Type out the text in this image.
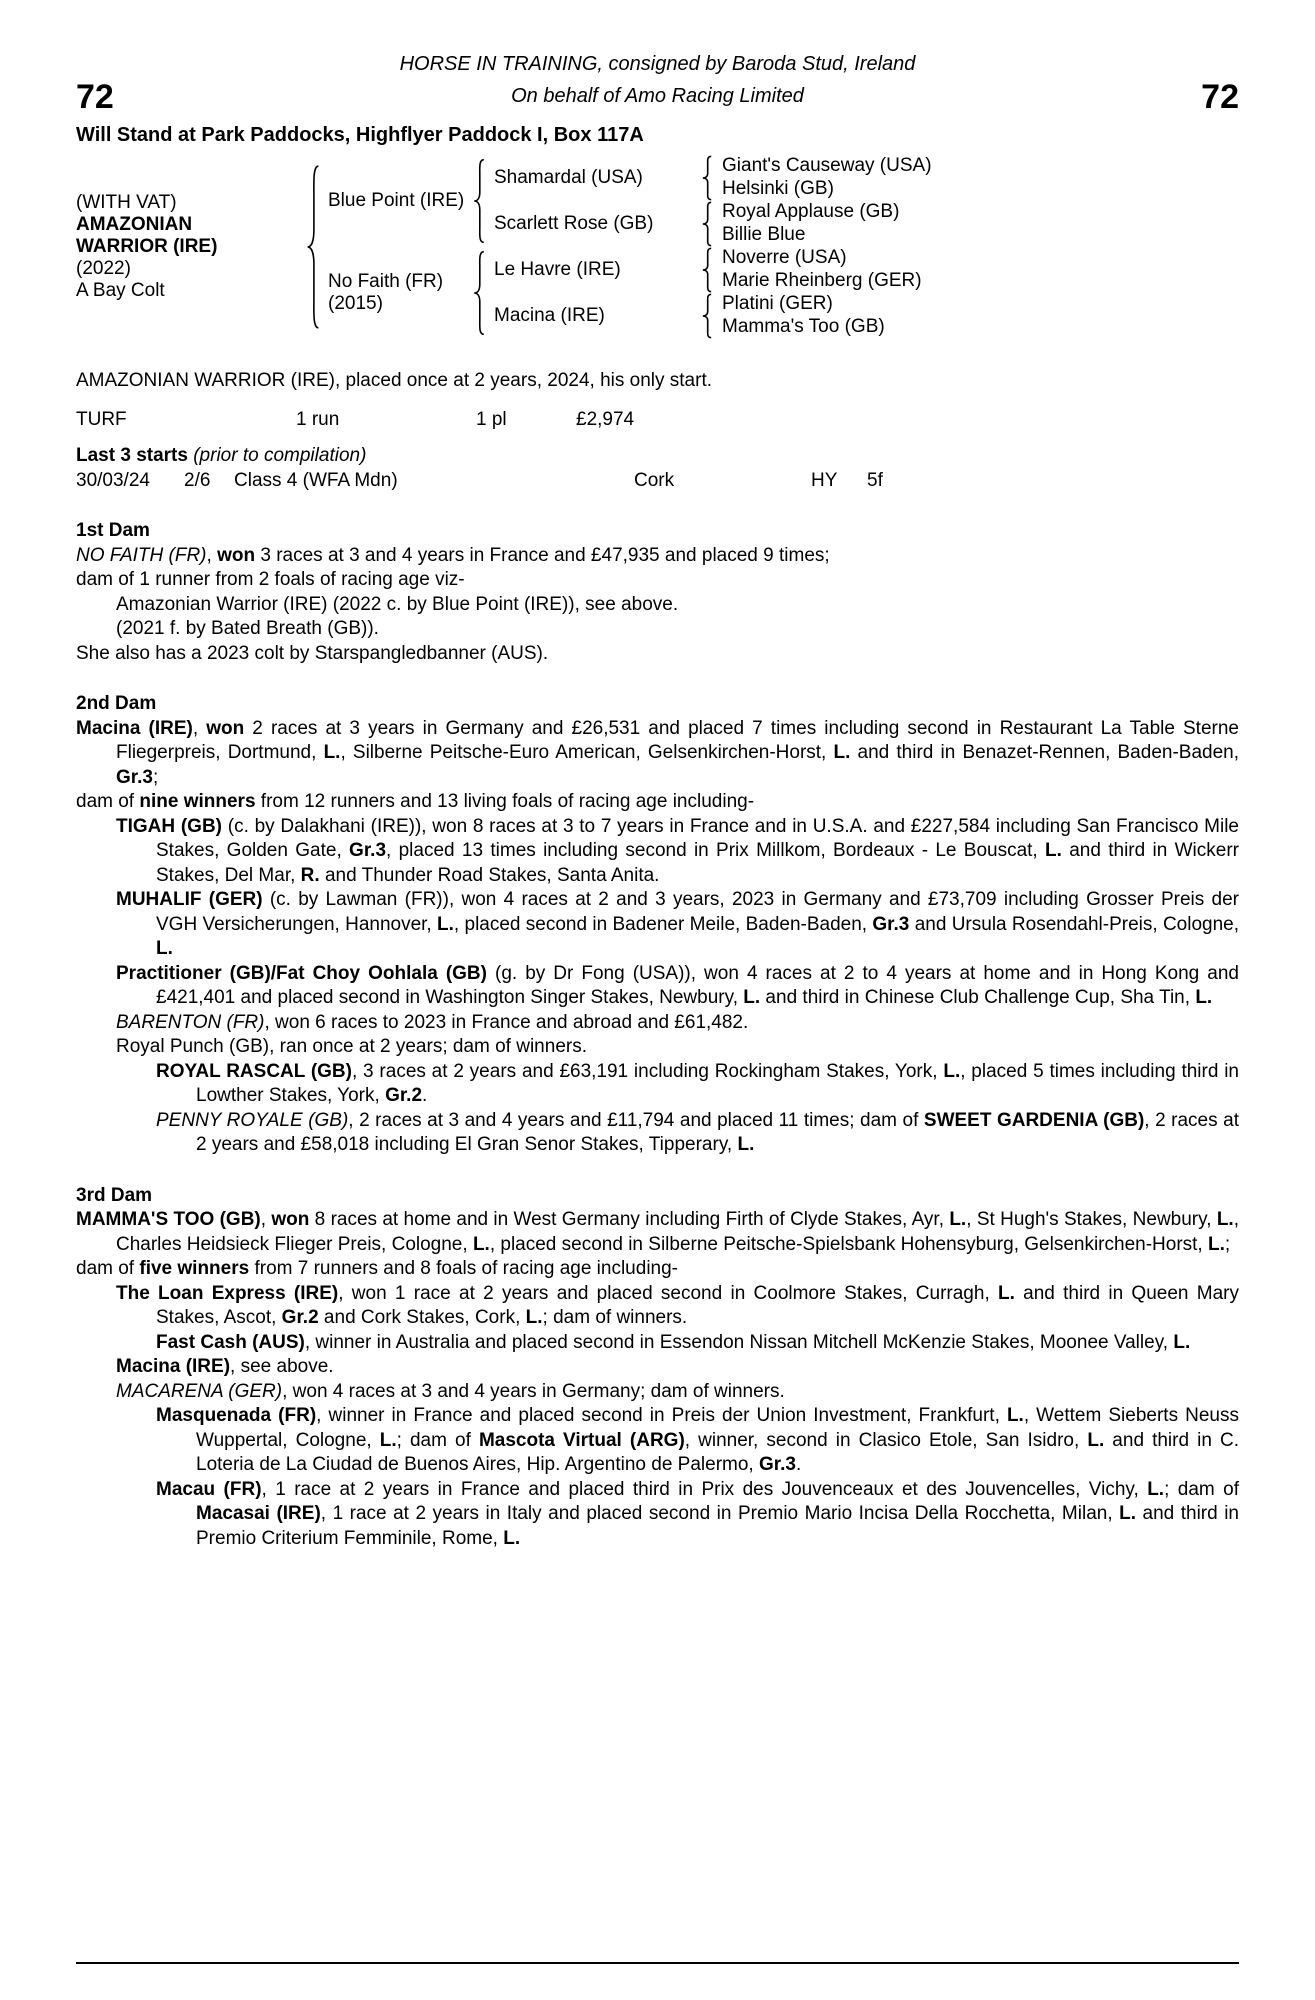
HORSE IN TRAINING, consigned by Baroda Stud, Ireland
72	On behalf of Amo Racing Limited	72
Will Stand at Park Paddocks, Highflyer Paddock I, Box 117A
(WITH VAT)
AMAZONIAN
WARRIOR (IRE)
(2022)
A Bay Colt
Blue Point (IRE)
No Faith (FR)
(2015)
Shamardal (USA)
Scarlett Rose (GB)
Le Havre (IRE)
Macina (IRE)
Giant's Causeway (USA)
Helsinki (GB)
Royal Applause (GB)
Billie Blue
Noverre (USA)
Marie Rheinberg (GER)
Platini (GER)
Mamma's Too (GB)

AMAZONIAN WARRIOR (IRE), placed once at 2 years, 2024, his only start.

TURF	1 run	1 pl	£2,974
Last 3 starts (prior to compilation)
30/03/24	2/6	Class 4 (WFA Mdn)	Cork	HY	5f
1st Dam

NO FAITH (FR), won 3 races at 3 and 4 years in France and £47,935 and placed 9 times;

dam of 1 runner from 2 foals of racing age viz-

Amazonian Warrior (IRE) (2022 c. by Blue Point (IRE)), see above.

(2021 f. by Bated Breath (GB)).

She also has a 2023 colt by Starspangledbanner (AUS).

2nd Dam

Macina (IRE), won 2 races at 3 years in Germany and £26,531 and placed 7 times including second in Restaurant La Table Sterne Fliegerpreis, Dortmund, L., Silberne Peitsche-Euro American, Gelsenkirchen-Horst, L. and third in Benazet-Rennen, Baden-Baden, Gr.3;

dam of nine winners from 12 runners and 13 living foals of racing age including-

TIGAH (GB) (c. by Dalakhani (IRE)), won 8 races at 3 to 7 years in France and in U.S.A. and £227,584 including San Francisco Mile Stakes, Golden Gate, Gr.3, placed 13 times including second in Prix Millkom, Bordeaux - Le Bouscat, L. and third in Wickerr Stakes, Del Mar, R. and Thunder Road Stakes, Santa Anita.

MUHALIF (GER) (c. by Lawman (FR)), won 4 races at 2 and 3 years, 2023 in Germany and £73,709 including Grosser Preis der VGH Versicherungen, Hannover, L., placed second in Badener Meile, Baden-Baden, Gr.3 and Ursula Rosendahl-Preis, Cologne, L.

Practitioner (GB)/Fat Choy Oohlala (GB) (g. by Dr Fong (USA)), won 4 races at 2 to 4 years at home and in Hong Kong and £421,401 and placed second in Washington Singer Stakes, Newbury, L. and third in Chinese Club Challenge Cup, Sha Tin, L.

BARENTON (FR), won 6 races to 2023 in France and abroad and £61,482.

Royal Punch (GB), ran once at 2 years; dam of winners.

ROYAL RASCAL (GB), 3 races at 2 years and £63,191 including Rockingham Stakes, York, L., placed 5 times including third in Lowther Stakes, York, Gr.2.

PENNY ROYALE (GB), 2 races at 3 and 4 years and £11,794 and placed 11 times; dam of SWEET GARDENIA (GB), 2 races at 2 years and £58,018 including El Gran Senor Stakes, Tipperary, L.

3rd Dam

MAMMA'S TOO (GB), won 8 races at home and in West Germany including Firth of Clyde Stakes, Ayr, L., St Hugh's Stakes, Newbury, L., Charles Heidsieck Flieger Preis, Cologne, L., placed second in Silberne Peitsche-Spielsbank Hohensyburg, Gelsenkirchen-Horst, L.;

dam of five winners from 7 runners and 8 foals of racing age including-

The Loan Express (IRE), won 1 race at 2 years and placed second in Coolmore Stakes, Curragh, L. and third in Queen Mary Stakes, Ascot, Gr.2 and Cork Stakes, Cork, L.; dam of winners.

Fast Cash (AUS), winner in Australia and placed second in Essendon Nissan Mitchell McKenzie Stakes, Moonee Valley, L.

Macina (IRE), see above.

MACARENA (GER), won 4 races at 3 and 4 years in Germany; dam of winners.

Masquenada (FR), winner in France and placed second in Preis der Union Investment, Frankfurt, L., Wettem Sieberts Neuss Wuppertal, Cologne, L.; dam of Mascota Virtual (ARG), winner, second in Clasico Etole, San Isidro, L. and third in C. Loteria de La Ciudad de Buenos Aires, Hip. Argentino de Palermo, Gr.3.

Macau (FR), 1 race at 2 years in France and placed third in Prix des Jouvenceaux et des Jouvencelles, Vichy, L.; dam of Macasai (IRE), 1 race at 2 years in Italy and placed second in Premio Mario Incisa Della Rocchetta, Milan, L. and third in Premio Criterium Femminile, Rome, L.
